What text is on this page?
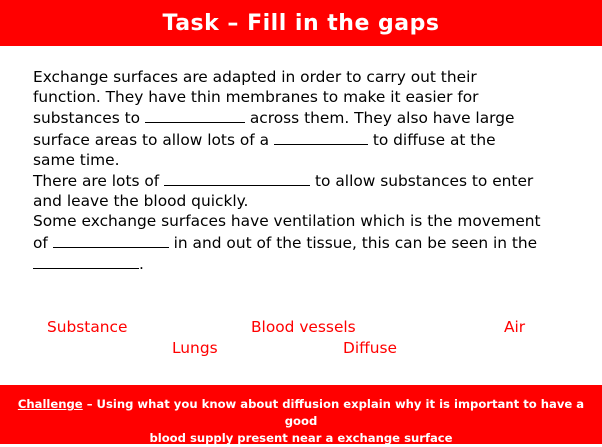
Task – Fill in the gaps
Exchange surfaces are adapted in order to carry out their
function. They have thin membranes to make it easier for
substances to	across them. They also have large
surface areas to allow lots of a	to diffuse at the
same time.
There are lots of	to allow substances to enter
and leave the blood quickly.
Some exchange surfaces have ventilation which is the movement
of	in and out of the tissue, this can be seen in the
.
Substance	Blood vessels	Air
Lungs	Diffuse
Challenge – Using what you know about diffusion explain why it is important to have a good
blood supply present near a exchange surface
